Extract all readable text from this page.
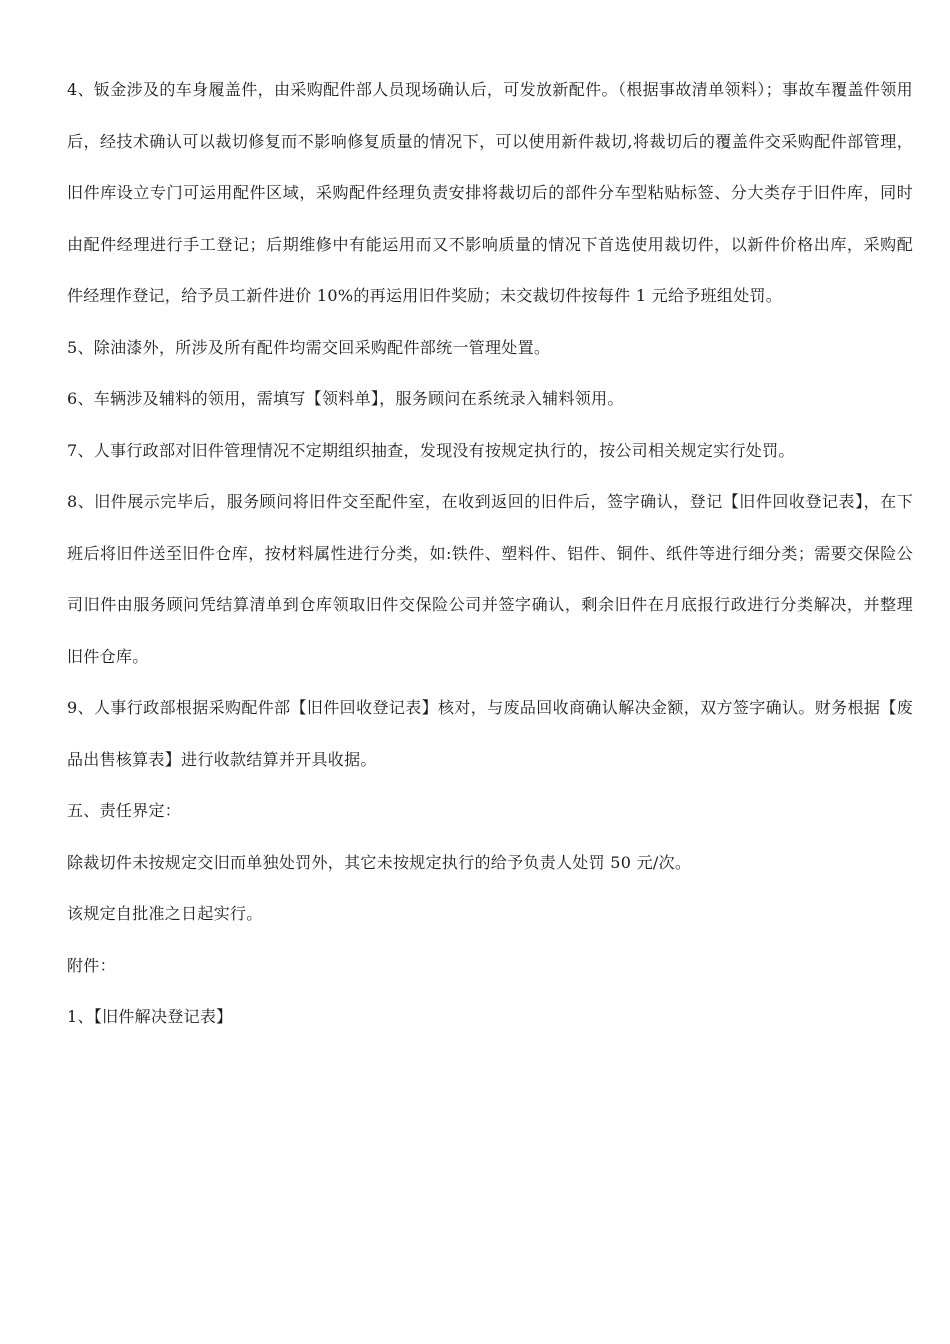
4、钣金涉及的车身履盖件，由采购配件部人员现场确认后，可发放新配件。（根据事故清单领料）；事故车覆盖件领用后，经技术确认可以裁切修复而不影响修复质量的情况下，可以使用新件裁切,将裁切后的覆盖件交采购配件部管理，旧件库设立专门可运用配件区域，采购配件经理负责安排将裁切后的部件分车型粘贴标签、分大类存于旧件库，同时由配件经理进行手工登记；后期维修中有能运用而又不影响质量的情况下首选使用裁切件，以新件价格出库，采购配件经理作登记，给予员工新件进价 10%的再运用旧件奖励；未交裁切件按每件 1 元给予班组处罚。

5、除油漆外，所涉及所有配件均需交回采购配件部统一管理处置。

6、车辆涉及辅料的领用，需填写【领料单】，服务顾问在系统录入辅料领用。

7、人事行政部对旧件管理情况不定期组织抽查，发现没有按规定执行的，按公司相关规定实行处罚。

8、旧件展示完毕后，服务顾问将旧件交至配件室，在收到返回的旧件后，签字确认，登记【旧件回收登记表】，在下班后将旧件送至旧件仓库，按材料属性进行分类，如:铁件、塑料件、铝件、铜件、纸件等进行细分类；需要交保险公司旧件由服务顾问凭结算清单到仓库领取旧件交保险公司并签字确认，剩余旧件在月底报行政进行分类解决，并整理旧件仓库。

9、人事行政部根据采购配件部【旧件回收登记表】核对，与废品回收商确认解决金额，双方签字确认。财务根据【废品出售核算表】进行收款结算并开具收据。

五、责任界定：

除裁切件未按规定交旧而单独处罚外，其它未按规定执行的给予负责人处罚 50 元/次。

该规定自批准之日起实行。

附件：

1、【旧件解决登记表】
